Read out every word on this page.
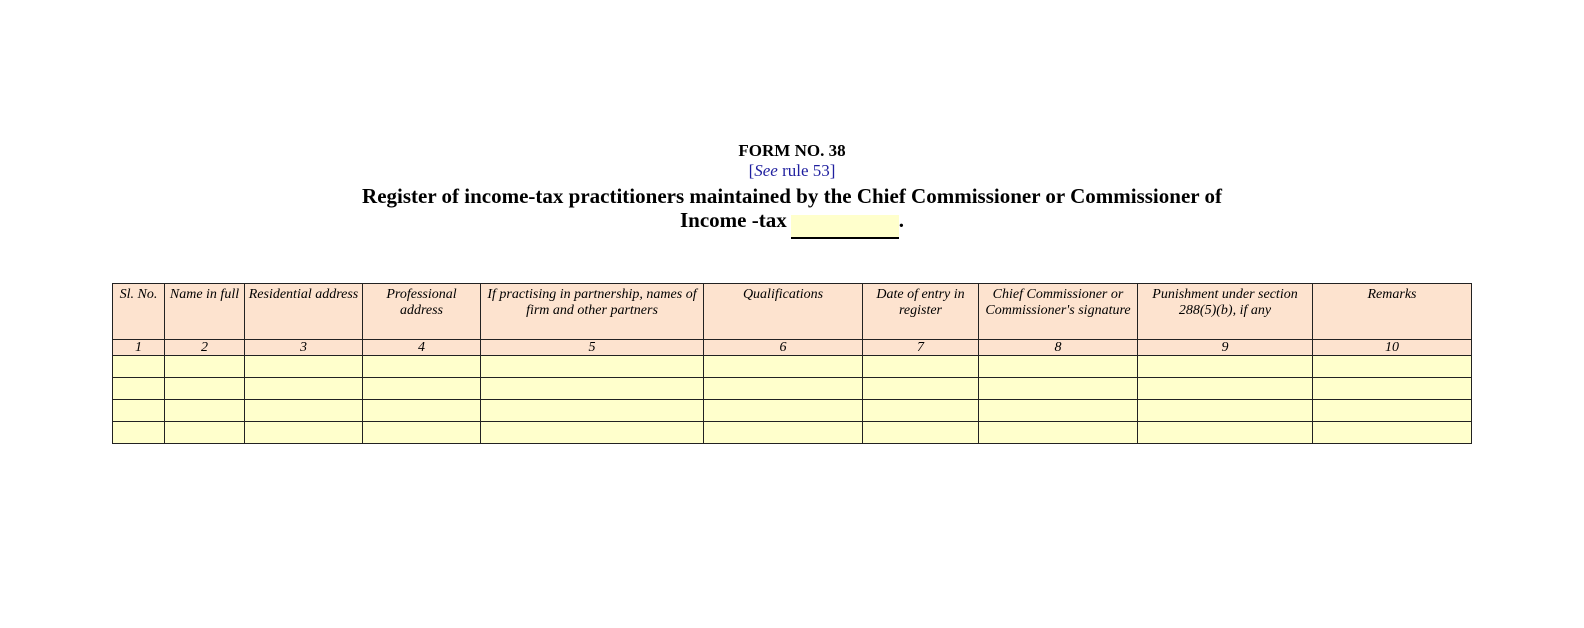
FORM NO. 38
[See rule 53]
Register of income-tax practitioners maintained by the Chief Commissioner or Commissioner of
Income -tax	.
Sl. No.	Name in full	Residential address	Professional address	If practising in partnership, names of firm and other partners	Qualifications	Date of entry in register	Chief Commissioner or Commissioner's signature	Punishment under section 288(5)(b), if any	Remarks
1	2	3	4	5	6	7	8	9	10
